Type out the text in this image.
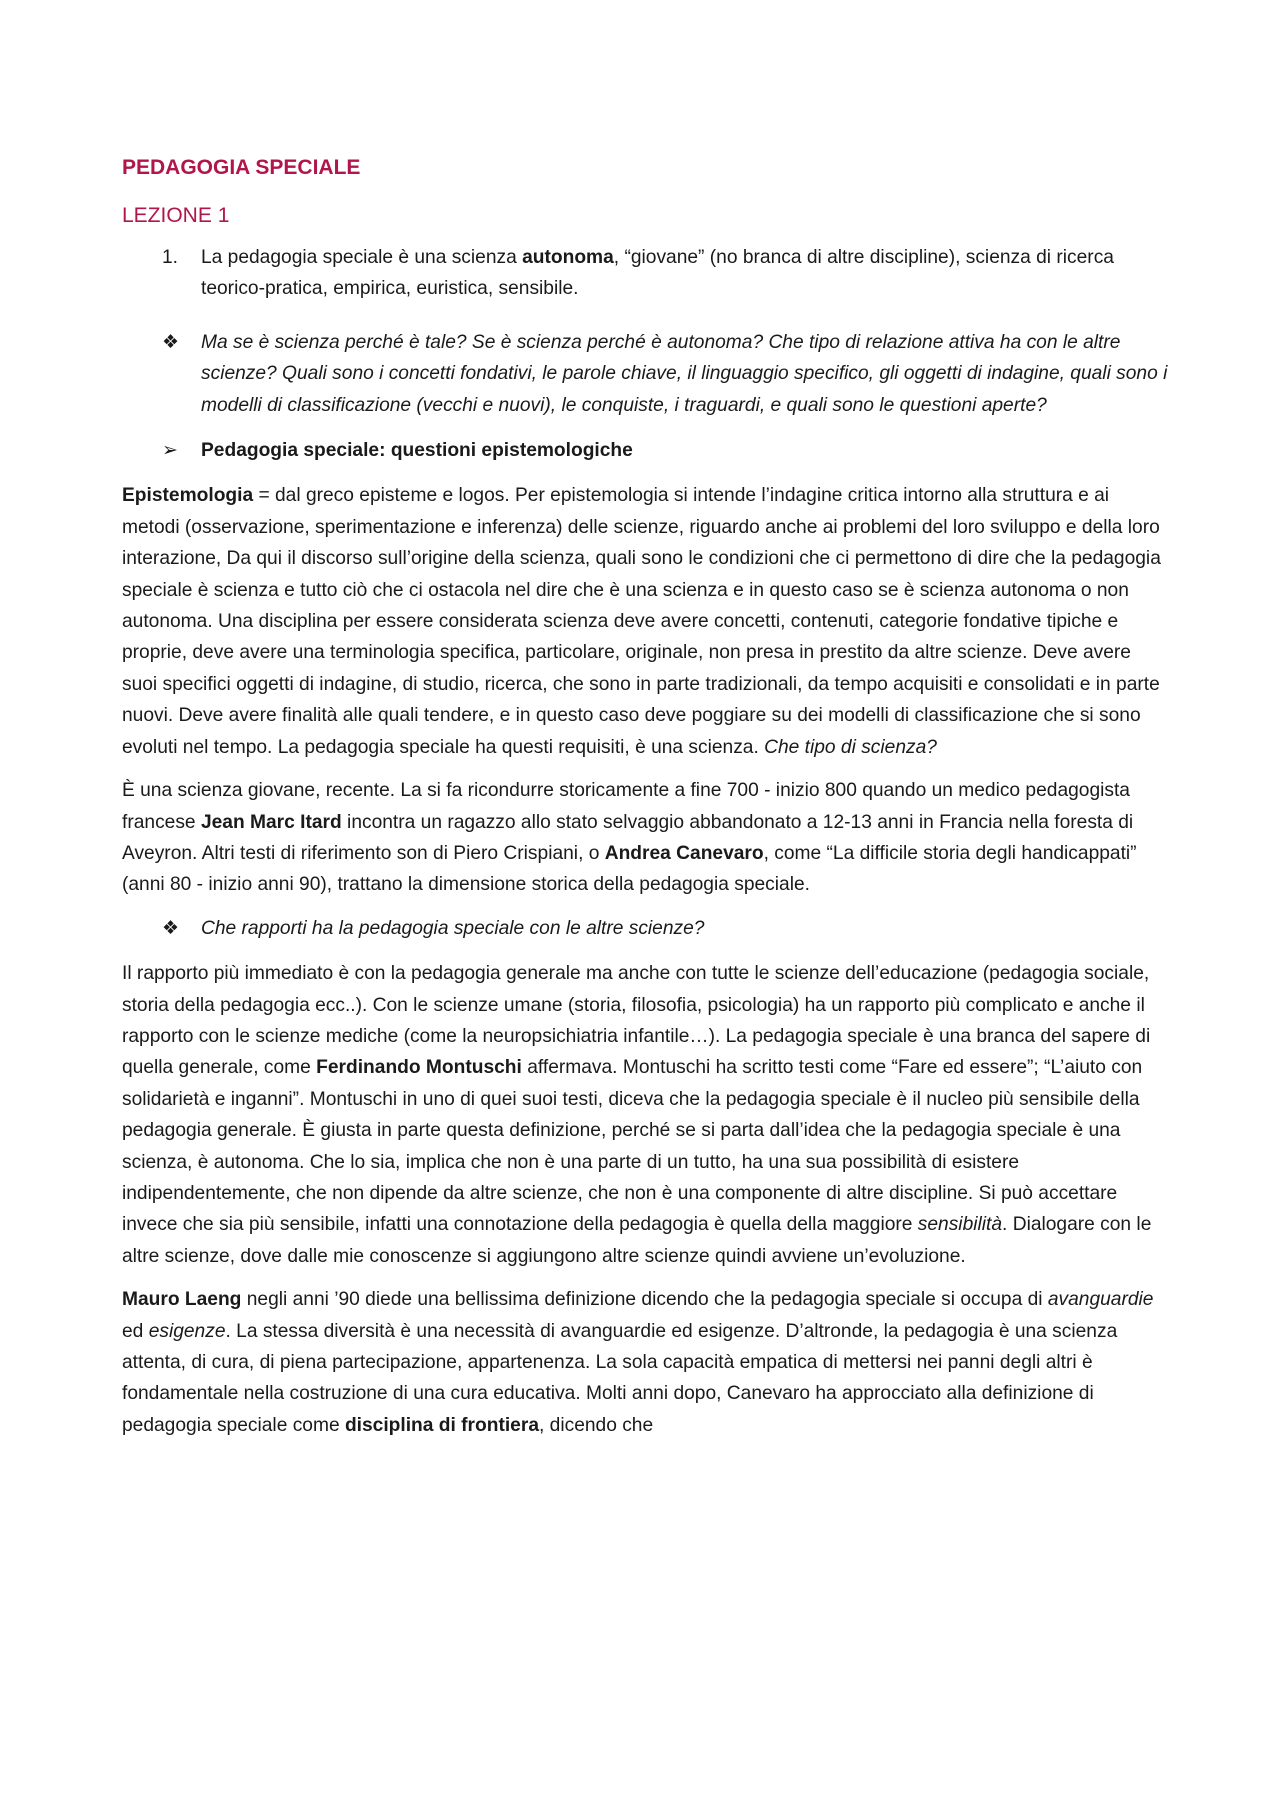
PEDAGOGIA SPECIALE
LEZIONE 1

1. La pedagogia speciale è una scienza autonoma, “giovane” (no branca di altre discipline), scienza di ricerca teorico-pratica, empirica, euristica, sensibile.

❖ Ma se è scienza perché è tale? Se è scienza perché è autonoma? Che tipo di relazione attiva ha con le altre scienze? Quali sono i concetti fondativi, le parole chiave, il linguaggio specifico, gli oggetti di indagine, quali sono i modelli di classificazione (vecchi e nuovi), le conquiste, i traguardi, e quali sono le questioni aperte?

➢ Pedagogia speciale: questioni epistemologiche

Epistemologia = dal greco episteme e logos. Per epistemologia si intende l’indagine critica intorno alla struttura e ai metodi (osservazione, sperimentazione e inferenza) delle scienze, riguardo anche ai problemi del loro sviluppo e della loro interazione, Da qui il discorso sull’origine della scienza, quali sono le condizioni che ci permettono di dire che la pedagogia speciale è scienza e tutto ciò che ci ostacola nel dire che è una scienza e in questo caso se è scienza autonoma o non autonoma. Una disciplina per essere considerata scienza deve avere concetti, contenuti, categorie fondative tipiche e proprie, deve avere una terminologia specifica, particolare, originale, non presa in prestito da altre scienze. Deve avere suoi specifici oggetti di indagine, di studio, ricerca, che sono in parte tradizionali, da tempo acquisiti e consolidati e in parte nuovi. Deve avere finalità alle quali tendere, e in questo caso deve poggiare su dei modelli di classificazione che si sono evoluti nel tempo. La pedagogia speciale ha questi requisiti, è una scienza. Che tipo di scienza?

È una scienza giovane, recente. La si fa ricondurre storicamente a fine 700 - inizio 800 quando un medico pedagogista francese Jean Marc Itard incontra un ragazzo allo stato selvaggio abbandonato a 12-13 anni in Francia nella foresta di Aveyron. Altri testi di riferimento son di Piero Crispiani, o Andrea Canevaro, come “La difficile storia degli handicappati” (anni 80 - inizio anni 90), trattano la dimensione storica della pedagogia speciale.

❖ Che rapporti ha la pedagogia speciale con le altre scienze?

Il rapporto più immediato è con la pedagogia generale ma anche con tutte le scienze dell’educazione (pedagogia sociale, storia della pedagogia ecc..). Con le scienze umane (storia, filosofia, psicologia) ha un rapporto più complicato e anche il rapporto con le scienze mediche (come la neuropsichiatria infantile…). La pedagogia speciale è una branca del sapere di quella generale, come Ferdinando Montuschi affermava. Montuschi ha scritto testi come “Fare ed essere”; “L’aiuto con solidarietà e inganni”. Montuschi in uno di quei suoi testi, diceva che la pedagogia speciale è il nucleo più sensibile della pedagogia generale. È giusta in parte questa definizione, perché se si parta dall’idea che la pedagogia speciale è una scienza, è autonoma. Che lo sia, implica che non è una parte di un tutto, ha una sua possibilità di esistere indipendentemente, che non dipende da altre scienze, che non è una componente di altre discipline. Si può accettare invece che sia più sensibile, infatti una connotazione della pedagogia è quella della maggiore sensibilità. Dialogare con le altre scienze, dove dalle mie conoscenze si aggiungono altre scienze quindi avviene un’evoluzione.

Mauro Laeng negli anni ’90 diede una bellissima definizione dicendo che la pedagogia speciale si occupa di avanguardie ed esigenze. La stessa diversità è una necessità di avanguardie ed esigenze. D’altronde, la pedagogia è una scienza attenta, di cura, di piena partecipazione, appartenenza. La sola capacità empatica di mettersi nei panni degli altri è fondamentale nella costruzione di una cura educativa. Molti anni dopo, Canevaro ha approcciato alla definizione di pedagogia speciale come disciplina di frontiera, dicendo che
